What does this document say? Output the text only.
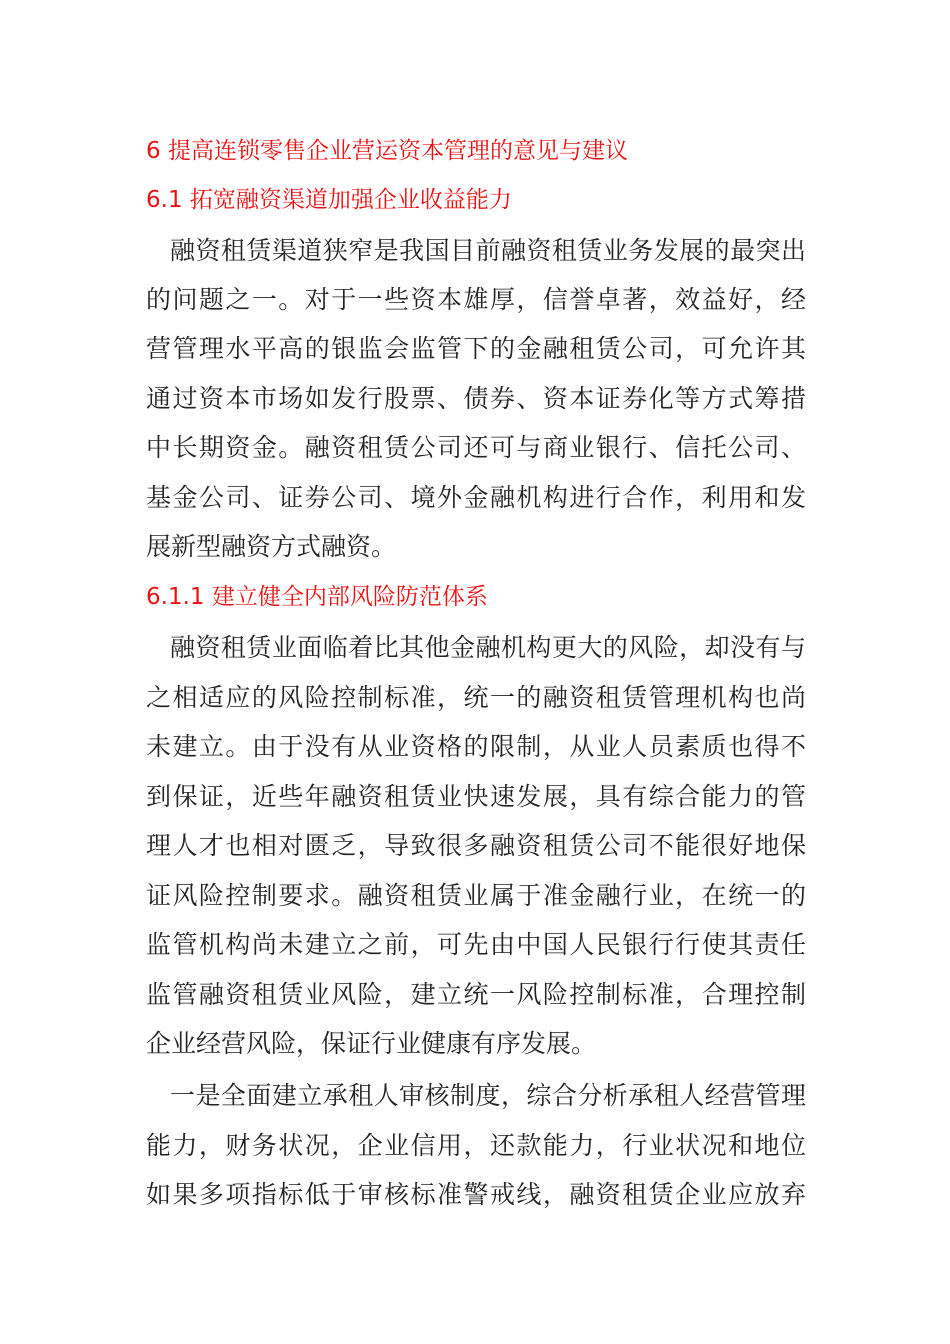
6 提高连锁零售企业营运资本管理的意见与建议
6.1 拓宽融资渠道加强企业收益能力
融资租赁渠道狭窄是我国目前融资租赁业务发展的最突出
的问题之一。对于一些资本雄厚，信誉卓著，效益好，经
营管理水平高的银监会监管下的金融租赁公司，可允许其
通过资本市场如发行股票、债券、资本证券化等方式筹措
中长期资金。融资租赁公司还可与商业银行、信托公司、
基金公司、证券公司、境外金融机构进行合作，利用和发
展新型融资方式融资。
6.1.1 建立健全内部风险防范体系
融资租赁业面临着比其他金融机构更大的风险，却没有与
之相适应的风险控制标准，统一的融资租赁管理机构也尚
未建立。由于没有从业资格的限制，从业人员素质也得不
到保证，近些年融资租赁业快速发展，具有综合能力的管
理人才也相对匮乏，导致很多融资租赁公司不能很好地保
证风险控制要求。融资租赁业属于准金融行业，在统一的
监管机构尚未建立之前，可先由中国人民银行行使其责任
监管融资租赁业风险，建立统一风险控制标准，合理控制
企业经营风险，保证行业健康有序发展。
一是全面建立承租人审核制度，综合分析承租人经营管理
能力，财务状况，企业信用，还款能力，行业状况和地位
如果多项指标低于审核标准警戒线，融资租赁企业应放弃
